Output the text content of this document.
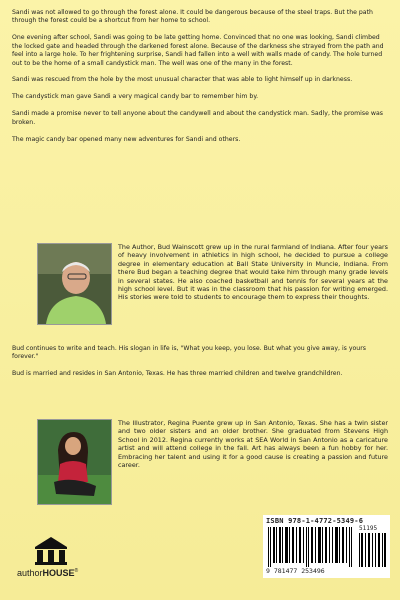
Sandi was not allowed to go through the forest alone. It could be dangerous because of the steel traps. But the path through the forest could be a shortcut from her home to school.

One evening after school, Sandi was going to be late getting home. Convinced that no one was looking, Sandi climbed the locked gate and headed through the darkened forest alone. Because of the darkness she strayed from the path and feel into a large hole. To her frightening surprise, Sandi had fallen into a well with walls made of candy. The hole turned out to be the home of a small candystick man. The well was one of the many in the forest.

Sandi was rescued from the hole by the most unusual character that was able to light himself up in darkness.

The candystick man gave Sandi a very magical candy bar to remember him by.

Sandi made a promise never to tell anyone about the candywell and about the candystick man. Sadly, the promise was broken.

The magic candy bar opened many new adventures for Sandi and others.

The Author, Bud Wainscott grew up in the rural farmland of Indiana. After four years of heavy involvement in athletics in high school, he decided to pursue a college degree in elementary education at Ball State University in Muncie, Indiana. From there Bud began a teaching degree that would take him through many grade levels in several states. He also coached basketball and tennis for several years at the high school level. But it was in the classroom that his passion for writing emerged. His stories were told to students to encourage them to express their thoughts.

Bud continues to write and teach. His slogan in life is, "What you keep, you lose. But what you give away, is yours forever."

Bud is married and resides in San Antonio, Texas. He has three married children and twelve grandchildren.

The Illustrator, Regina Puente grew up in San Antonio, Texas. She has a twin sister and two older sisters and an older brother. She graduated from Stevens High School in 2012. Regina currently works at SEA World in San Antonio as a caricature artist and will attend college in the fall. Art has always been a fun hobby for her. Embracing her talent and using it for a good cause is creating a passion and future career.
ISBN 978-1-4772-5349-6
51195
9 781477 253496
authorHOUSE®
